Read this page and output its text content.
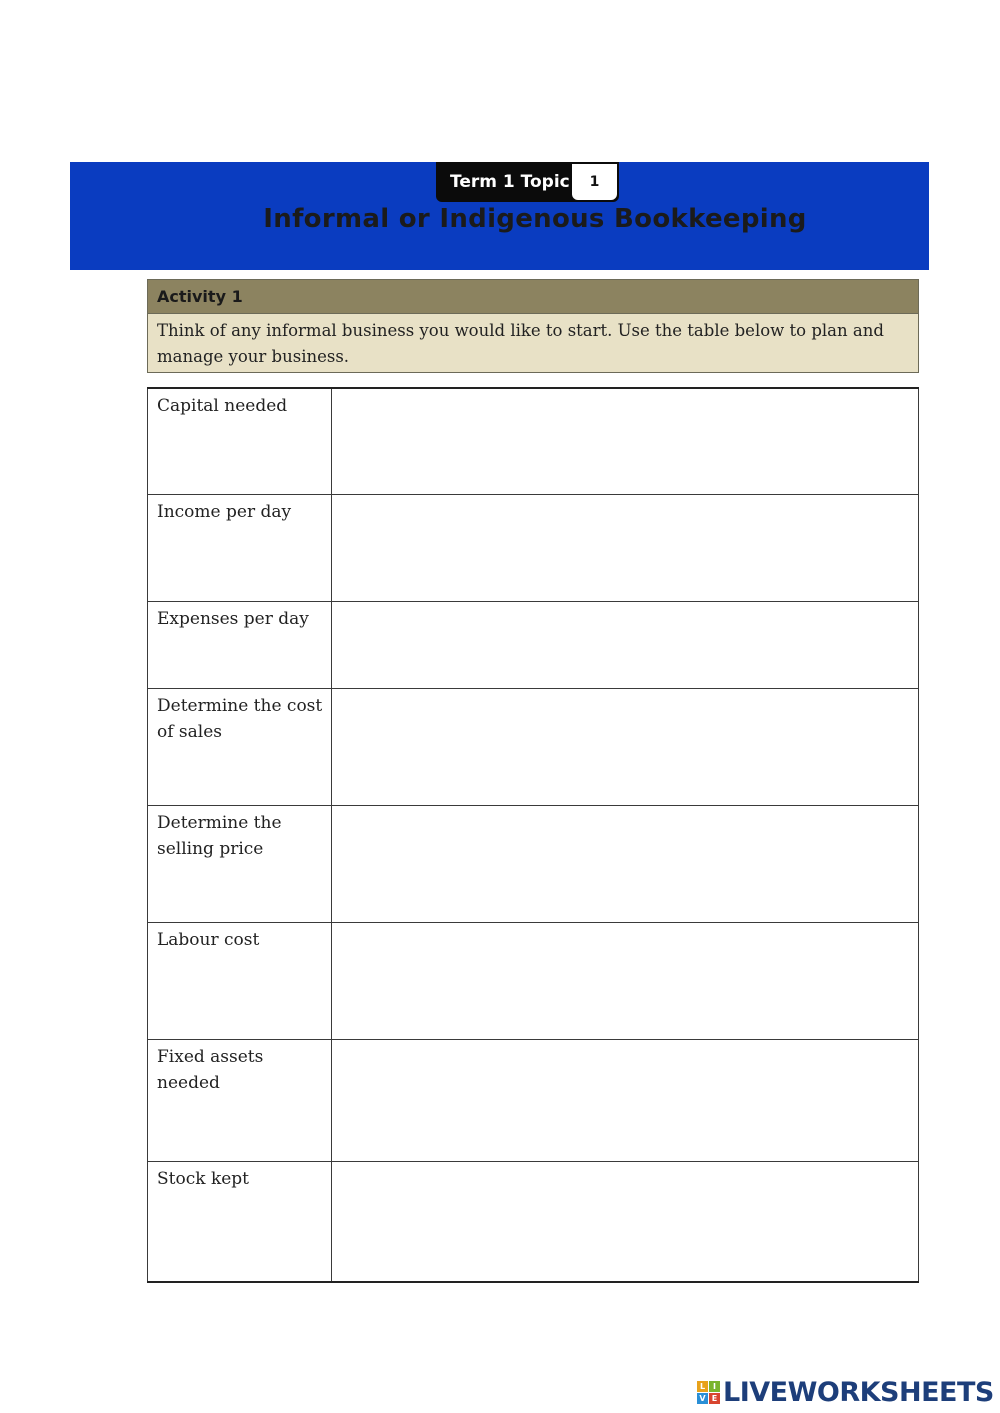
Term 1 Topic	1
Informal or Indigenous Bookkeeping
Activity 1
Think of any informal business you would like to start. Use the table below to plan and manage your business.
Capital needed	
Income per day	
Expenses per day	
Determine the cost of sales	
Determine the selling price	
Labour cost	
Fixed assets needed	
Stock kept	
L I
V E LIVEWORKSHEETS
